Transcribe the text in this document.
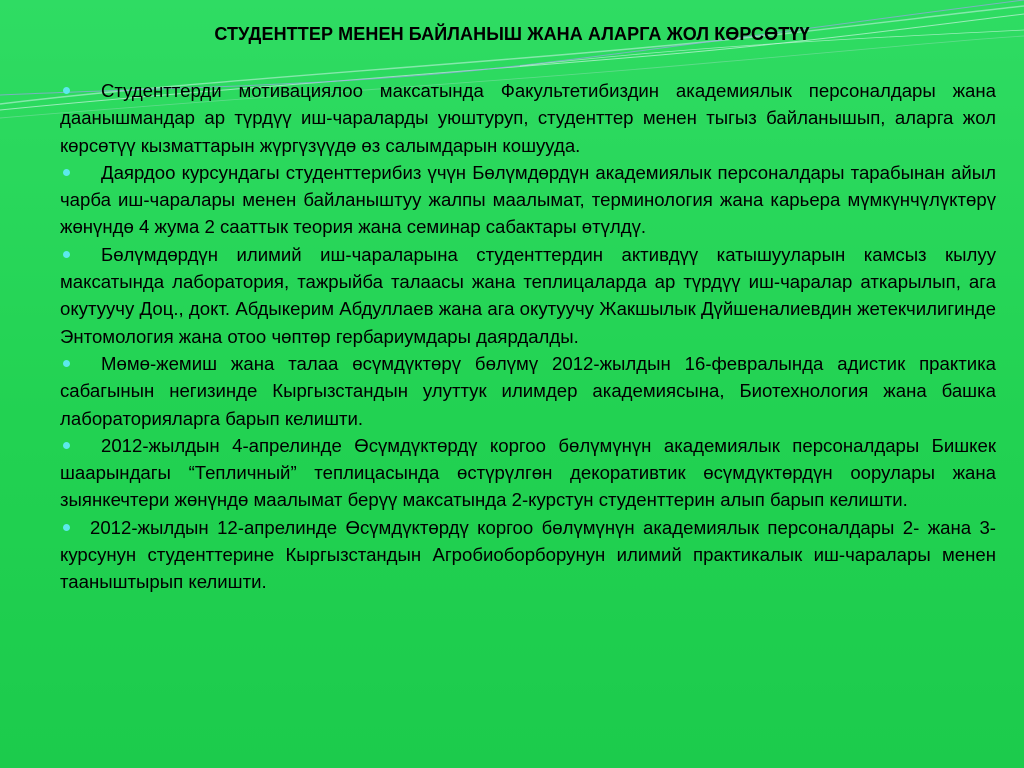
СТУДЕНТТЕР МЕНЕН БАЙЛАНЫШ ЖАНА АЛАРГА ЖОЛ КӨРСӨТҮҮ
Студенттерди мотивациялоо максатында Факультетибиздин академиялык персоналдары жана даанышмандар ар түрдүү иш-чараларды уюштуруп, студенттер менен тыгыз байланышып, аларга жол көрсөтүү кызматтарын жүргүзүүдө өз салымдарын кошууда.
Даярдоо курсундагы студенттерибиз үчүн Бөлүмдөрдүн академиялык персоналдары тарабынан айыл чарба иш-чаралары менен байланыштуу жалпы маалымат, терминология жана карьера мүмкүнчүлүктөрү жөнүндө 4 жума 2 сааттык теория жана семинар сабактары өтүлдү.
Бөлүмдөрдүн илимий иш-чараларына студенттердин активдүү катышууларын камсыз кылуу максатында лаборатория, тажрыйба талаасы жана теплицаларда ар түрдүү иш-чаралар аткарылып, ага окутуучу Доц., докт. Абдыкерим Абдуллаев жана ага окутуучу Жакшылык Дүйшеналиевдин жетекчилигинде Энтомология жана отоо чөптөр гербариумдары даярдалды.
Мөмө-жемиш жана талаа өсүмдүктөрү бөлүмү 2012-жылдын 16-февралында адистик практика сабагынын негизинде Кыргызстандын улуттук илимдер академиясына, Биотехнология жана башка лабораторияларга барып келишти.
2012-жылдын 4-апрелинде Өсүмдүктөрдү коргоо бөлүмүнүн академиялык персоналдары Бишкек шаарындагы “Тепличный” теплицасында өстүрүлгөн декоративтик өсүмдүктөрдүн оорулары жана зыянкечтери жөнүндө маалымат берүү максатында 2-курстун студенттерин алып барып келишти.
2012-жылдын 12-апрелинде Өсүмдүктөрдү коргоо бөлүмүнүн академиялык персоналдары 2- жана 3-курсунун студенттерине Кыргызстандын Агробиоборборунун илимий практикалык иш-чаралары менен тааныштырып келишти.
